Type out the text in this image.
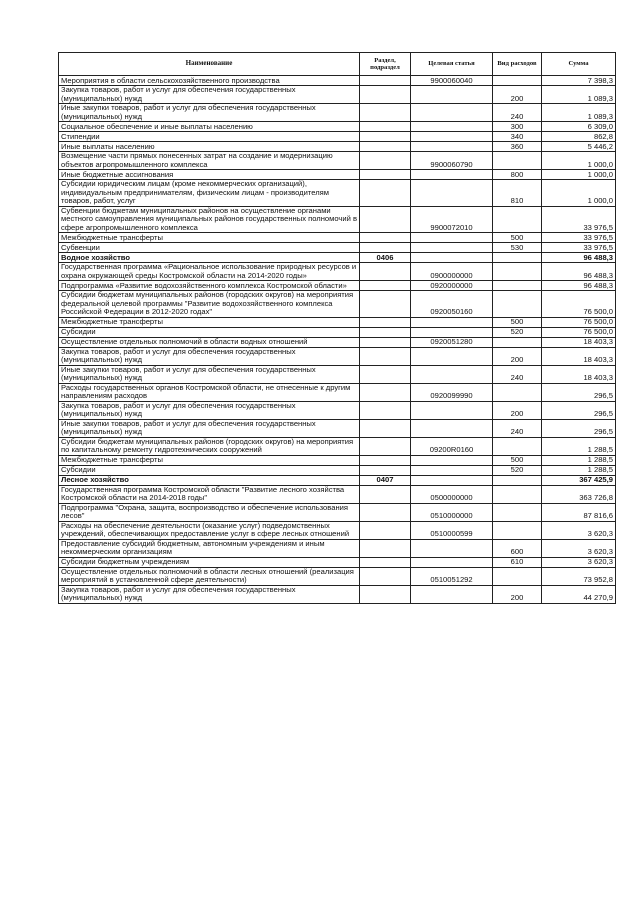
Наименование	Раздел, подраздел	Целевая статья	Вид расходов	Сумма
Мероприятия в области сельскохозяйственного производства		9900060040		7 398,3
Закупка товаров, работ и услуг для обеспечения государственных (муниципальных) нужд			200	1 089,3
Иные закупки товаров, работ и услуг для обеспечения государственных (муниципальных) нужд			240	1 089,3
Социальное обеспечение и иные выплаты населению			300	6 309,0
Стипендии			340	862,8
Иные выплаты населению			360	5 446,2
Возмещение части прямых понесенных затрат на создание и модернизацию объектов агропромышленного комплекса		9900060790		1 000,0
Иные бюджетные ассигнования			800	1 000,0
Субсидии юридическим лицам (кроме некоммерческих организаций), индивидуальным предпринимателям, физическим лицам - производителям товаров, работ, услуг			810	1 000,0
Субвенции бюджетам муниципальных районов на осуществление органами местного самоуправления муниципальных районов государственных полномочий в сфере агропромышленного комплекса		9900072010		33 976,5
Межбюджетные трансферты			500	33 976,5
Субвенции			530	33 976,5
Водное хозяйство	0406			96 488,3
Государственная программа «Рациональное использование природных ресурсов и охрана окружающей среды Костромской области на 2014-2020 годы»		0900000000		96 488,3
Подпрограмма «Развитие водохозяйственного комплекса Костромской области»		0920000000		96 488,3
Субсидии бюджетам муниципальных районов (городских округов) на мероприятия федеральной целевой программы "Развитие водохозяйственного комплекса Российской Федерации в 2012-2020 годах"		0920050160		76 500,0
Межбюджетные трансферты			500	76 500,0
Субсидии			520	76 500,0
Осуществление отдельных полномочий в области водных отношений		0920051280		18 403,3
Закупка товаров, работ и услуг для обеспечения государственных (муниципальных) нужд			200	18 403,3
Иные закупки товаров, работ и услуг для обеспечения государственных (муниципальных) нужд			240	18 403,3
Расходы государственных органов Костромской области, не отнесенные к другим направлениям расходов		0920099990		296,5
Закупка товаров, работ и услуг для обеспечения государственных (муниципальных) нужд			200	296,5
Иные закупки товаров, работ и услуг для обеспечения государственных (муниципальных) нужд			240	296,5
Субсидии бюджетам муниципальных районов (городских округов) на мероприятия по капитальному ремонту гидротехнических сооружений		09200R0160		1 288,5
Межбюджетные трансферты			500	1 288,5
Субсидии			520	1 288,5
Лесное хозяйство	0407			367 425,9
Государственная программа Костромской области "Развитие лесного хозяйства Костромской области на 2014-2018 годы"		0500000000		363 726,8
Подпрограмма "Охрана, защита, воспроизводство и обеспечение использования лесов"		0510000000		87 816,6
Расходы на обеспечение деятельности (оказание услуг) подведомственных учреждений, обеспечивающих предоставление услуг в сфере лесных отношений		0510000599		3 620,3
Предоставление субсидий бюджетным, автономным учреждениям и иным некоммерческим организациям			600	3 620,3
Субсидии бюджетным учреждениям			610	3 620,3
Осуществление отдельных полномочий в области лесных отношений (реализация мероприятий в установленной сфере деятельности)		0510051292		73 952,8
Закупка товаров, работ и услуг для обеспечения государственных (муниципальных) нужд			200	44 270,9
